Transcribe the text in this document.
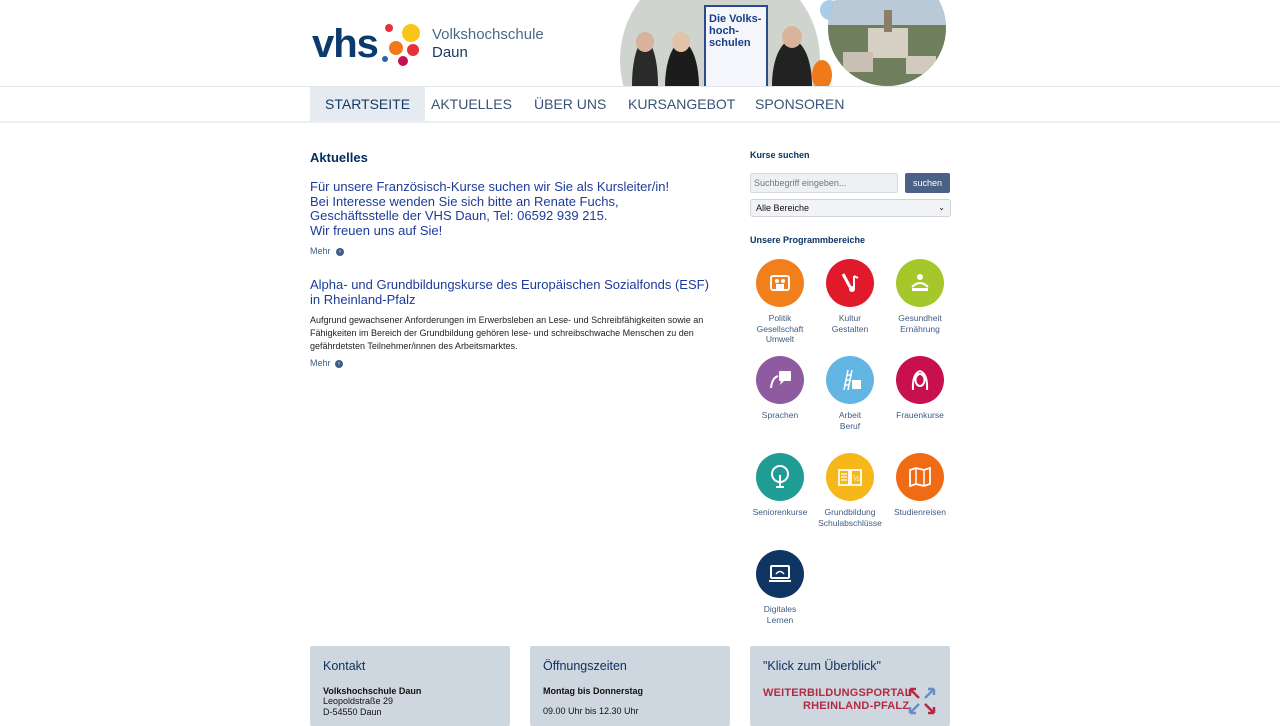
vhs	Volkshochschule
Daun
Die Volks-hoch-schulen
STARTSEITE	AKTUELLES	ÜBER UNS	KURSANGEBOT	SPONSOREN
Aktuelles
Für unsere Französisch-Kurse suchen wir Sie als Kursleiter/in!
Bei Interesse wenden Sie sich bitte an Renate Fuchs,
Geschäftsstelle der VHS Daun, Tel: 06592 939 215.
Wir freuen uns auf Sie!
Mehr ›
Alpha- und Grundbildungskurse des Europäischen Sozialfonds (ESF)
in Rheinland-Pfalz
Aufgrund gewachsener Anforderungen im Erwerbsleben an Lese- und Schreibfähigkeiten sowie an Fähigkeiten im Bereich der Grundbildung gehören lese- und schreibschwache Menschen zu den gefährdetsten Teilnehmer/innen des Arbeitsmarktes.
Mehr ›
Kurse suchen
Suchbegriff eingeben...
suchen
Alle Bereiche	⌄
Unsere Programmbereiche
Politik
Gesellschaft
Umwelt
Kultur
Gestalten
Gesundheit
Ernährung
Sprachen	Arbeit
Beruf
Frauenkurse
Seniorenkurse
½
Grundbildung
Schulabschlüsse
Studienreisen
Digitales
Lernen
Kontakt
Volkshochschule Daun
Leopoldstraße 29
D-54550 Daun
Öffnungszeiten
Montag bis Donnerstag
09.00 Uhr bis 12.30 Uhr
"Klick zum Überblick"
WEITERBILDUNGSPORTAL
RHEINLAND-PFALZ
